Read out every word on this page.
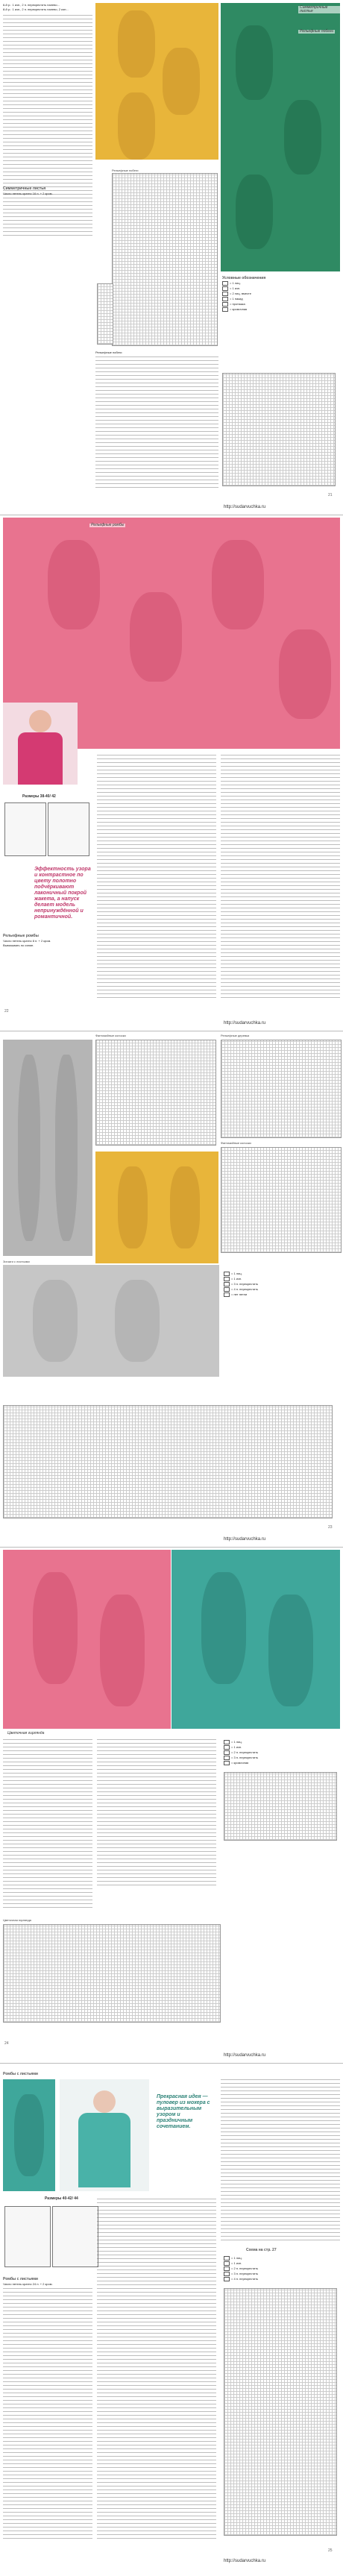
6-й р.: 1 изн., 2 п. перекрестить налево...

8-й р.: 1 изн., 2 п. перекрестить налево, 2 изн...	Симметричные листья
Рельефные побеги

Симметричные листья

Число петель кратно 16 п. + 2 кром.

Рельефные побеги

Рельефные побеги

Условные обозначения
= 1 лиц.
= 1 изн.
= 2 лиц. вместе
= 1 накид
= протяжка
= кромочная
21
http://sudarvuchka.ru
Рельефные ромбы
Размеры 38-40/ 42
Эффектность узора и контрастное по цвету полотно подчёркивают лаконичный покрой жакета, а напуск делает модель непринуждённой и романтичной.

Рельефные ромбы

Число петель кратно 8 п. + 2 кром.

Вывязывать по схеме.

22
http://sudarvuchka.ru
Фантазийные колоски	Рельефные деревья
Фантазийные колоски
Зигзаги с листьями
= 1 лиц.
= 1 изн.
= 3 п. перекрестить
= 4 п. перекрестить
= нет петли
23
http://sudarvuchka.ru
Цветочная гирлянда
= 1 лиц.
= 1 изн.
= 2 п. перекрестить
= 3 п. перекрестить
= кромочная
Цветочная гирлянда
24
http://sudarvuchka.ru
Ромбы с листьями
Прекрасная идея — пуловер из мохера с выразительным узором и праздничным сочетанием.
Размеры 40-42/ 44

Ромбы с листьями

Число петель кратно 24 п. + 2 кром.

Схема на стр. 27
= 1 лиц.
= 1 изн.
= 2 п. перекрестить
= 3 п. перекрестить
= 4 п. перекрестить
25
http://sudarvuchka.ru
